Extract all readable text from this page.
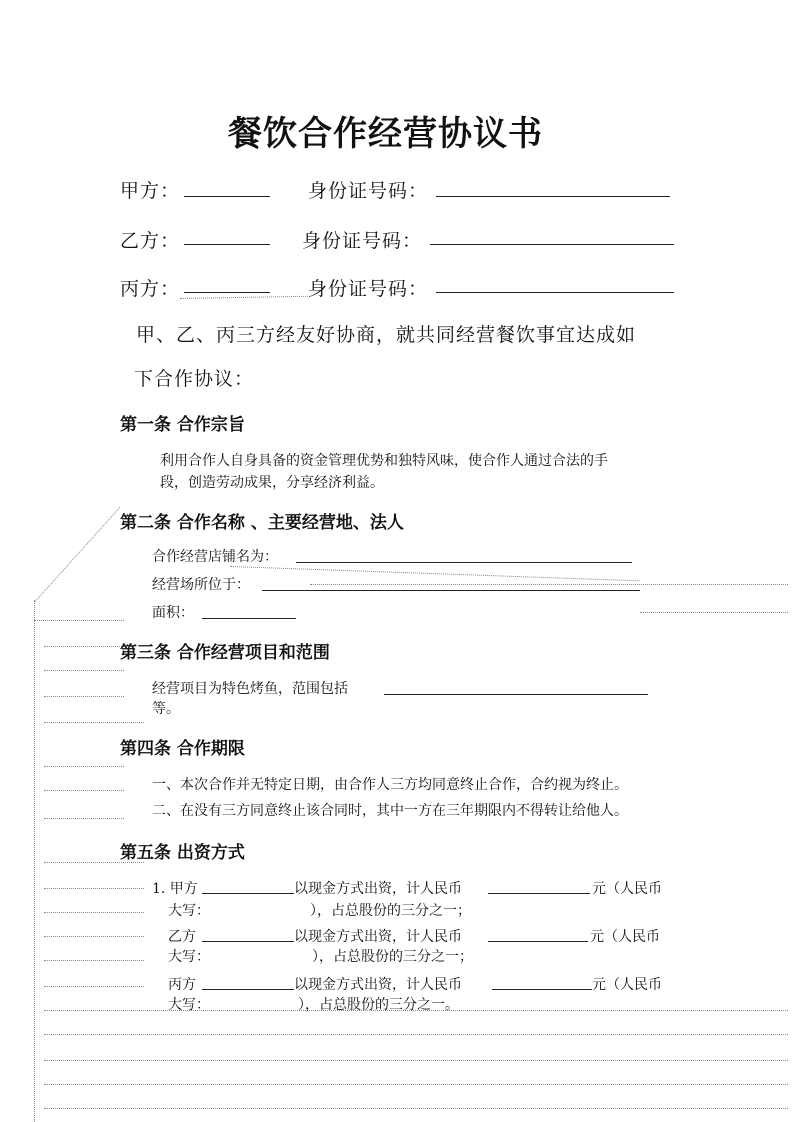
餐饮合作经营协议书
甲方：	身份证号码：
乙方：	身份证号码：
丙方：	身份证号码：
甲、乙、丙三方经友好协商，就共同经营餐饮事宜达成如
下合作协议：
第一条 合作宗旨
利用合作人自身具备的资金管理优势和独特风味，使合作人通过合法的手
段，创造劳动成果，分享经济利益。
第二条 合作名称 、主要经营地、法人
合作经营店铺名为：
经营场所位于：
面积：
第三条 合作经营项目和范围
经营项目为特色烤鱼，范围包括
等。
第四条 合作期限
一、本次合作并无特定日期，由合作人三方均同意终止合作，合约视为终止。
二、在没有三方同意终止该合同时，其中一方在三年期限内不得转让给他人。
第五条 出资方式
1. 甲方	以现金方式出资，计人民币	元（人民币
大写：	），占总股份的三分之一；
乙方	以现金方式出资，计人民币	元（人民币
大写：	），占总股份的三分之一；
丙方	以现金方式出资，计人民币	元（人民币
大写：	），占总股份的三分之一。
